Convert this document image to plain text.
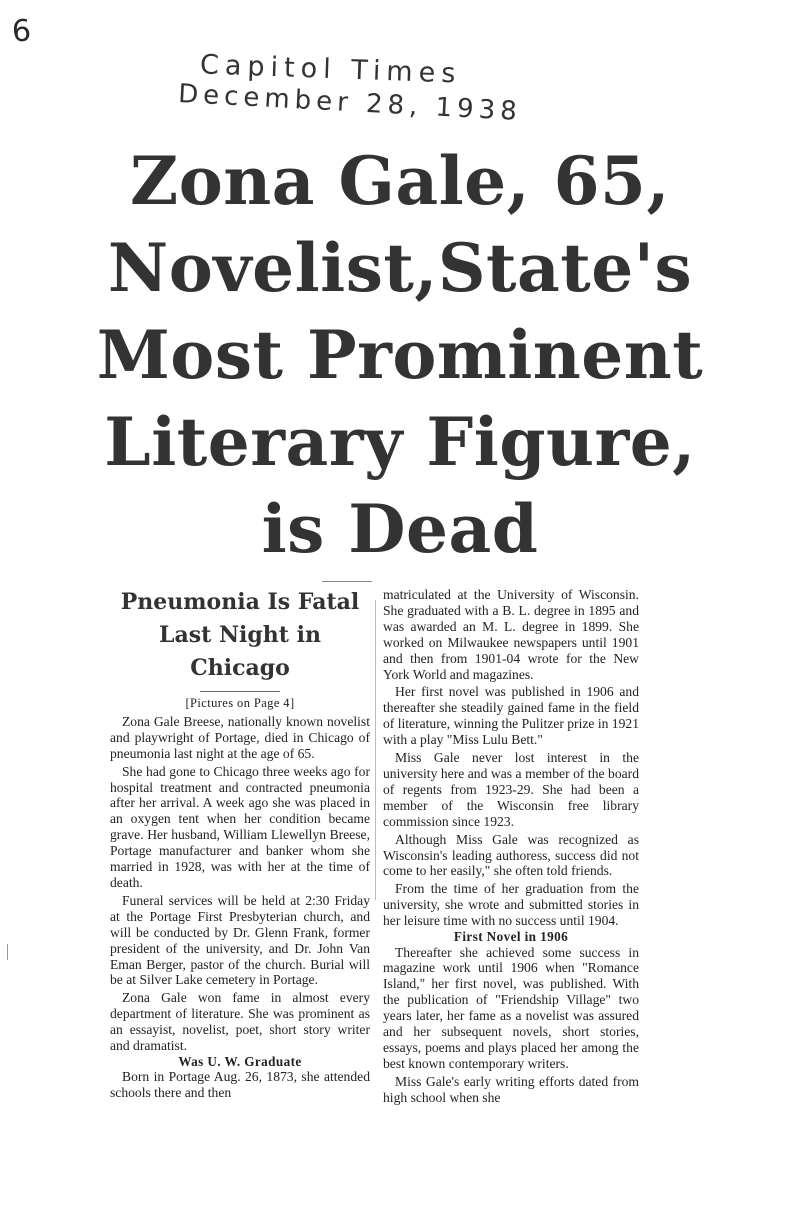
6
Capitol Times
December 28, 1938
Zona Gale, 65,
Novelist,State's
Most Prominent
Literary Figure,
is Dead
Pneumonia Is Fatal
Last Night in
Chicago

[Pictures on Page 4]

Zona Gale Breese, nationally known novelist and playwright of Portage, died in Chicago of pneumonia last night at the age of 65.

She had gone to Chicago three weeks ago for hospital treatment and contracted pneumonia after her arrival. A week ago she was placed in an oxygen tent when her condition became grave. Her husband, William Llewellyn Breese, Portage manufacturer and banker whom she married in 1928, was with her at the time of death.

Funeral services will be held at 2:30 Friday at the Portage First Presbyterian church, and will be conducted by Dr. Glenn Frank, former president of the university, and Dr. John Van Eman Berger, pastor of the church. Burial will be at Silver Lake cemetery in Portage.

Zona Gale won fame in almost every department of literature. She was prominent as an essayist, novelist, poet, short story writer and dramatist.

Was U. W. Graduate

Born in Portage Aug. 26, 1873, she attended schools there and then

matriculated at the University of Wisconsin. She graduated with a B. L. degree in 1895 and was awarded an M. L. degree in 1899. She worked on Milwaukee newspapers until 1901 and then from 1901-04 wrote for the New York World and magazines.

Her first novel was published in 1906 and thereafter she steadily gained fame in the field of literature, winning the Pulitzer prize in 1921 with a play "Miss Lulu Bett."

Miss Gale never lost interest in the university here and was a member of the board of regents from 1923-29. She had been a member of the Wisconsin free library commission since 1923.

Although Miss Gale was recognized as Wisconsin's leading authoress, success did not come to her easily," she often told friends.

From the time of her graduation from the university, she wrote and submitted stories in her leisure time with no success until 1904.

First Novel in 1906

Thereafter she achieved some success in magazine work until 1906 when "Romance Island," her first novel, was published. With the publication of "Friendship Village" two years later, her fame as a novelist was assured and her subsequent novels, short stories, essays, poems and plays placed her among the best known contemporary writers.

Miss Gale's early writing efforts dated from high school when she
